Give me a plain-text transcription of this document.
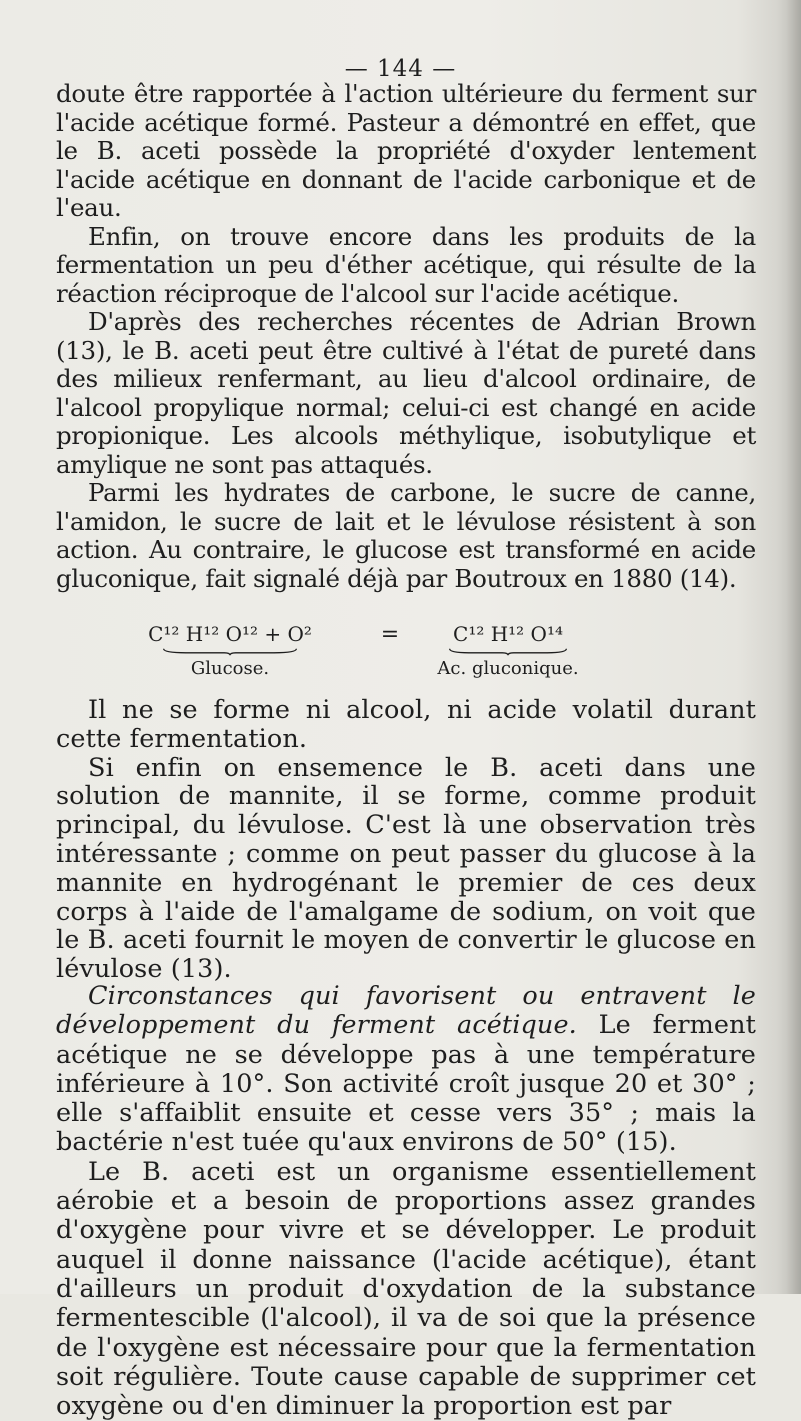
— 144 —

doute être rapportée à l'action ultérieure du ferment sur l'acide acétique formé. Pasteur a démontré en effet, que le B. aceti possède la propriété d'oxyder lentement l'acide acétique en donnant de l'acide carbonique et de l'eau.

Enfin, on trouve encore dans les produits de la fermentation un peu d'éther acétique, qui résulte de la réaction réciproque de l'alcool sur l'acide acétique.

D'après des recherches récentes de Adrian Brown (13), le B. aceti peut être cultivé à l'état de pureté dans des milieux renfermant, au lieu d'alcool ordinaire, de l'alcool propylique normal; celui-ci est changé en acide propionique. Les alcools méthylique, isobutylique et amylique ne sont pas attaqués.

Parmi les hydrates de carbone, le sucre de canne, l'amidon, le sucre de lait et le lévulose résistent à son action. Au contraire, le glucose est transformé en acide gluconique, fait signalé déjà par Boutroux en 1880 (14).

C¹² H¹² O¹² + O²
Glucose.
=	C¹² H¹² O¹⁴
Ac. gluconique.

Il ne se forme ni alcool, ni acide volatil durant cette fermentation.

Si enfin on ensemence le B. aceti dans une solution de mannite, il se forme, comme produit principal, du lévulose. C'est là une observation très intéressante ; comme on peut passer du glucose à la mannite en hydrogénant le premier de ces deux corps à l'aide de l'amalgame de sodium, on voit que le B. aceti fournit le moyen de convertir le glucose en lévulose (13).

Circonstances qui favorisent ou entravent le développement du ferment acétique. Le ferment acétique ne se développe pas à une température inférieure à 10°. Son activité croît jusque 20 et 30° ; elle s'affaiblit ensuite et cesse vers 35° ; mais la bactérie n'est tuée qu'aux environs de 50° (15).

Le B. aceti est un organisme essentiellement aérobie et a besoin de proportions assez grandes d'oxygène pour vivre et se développer. Le produit auquel il donne naissance (l'acide acétique), étant d'ailleurs un produit d'oxydation de la substance fermentescible (l'alcool), il va de soi que la présence de l'oxygène est nécessaire pour que la fermentation soit régulière. Toute cause capable de supprimer cet oxygène ou d'en diminuer la proportion est par
